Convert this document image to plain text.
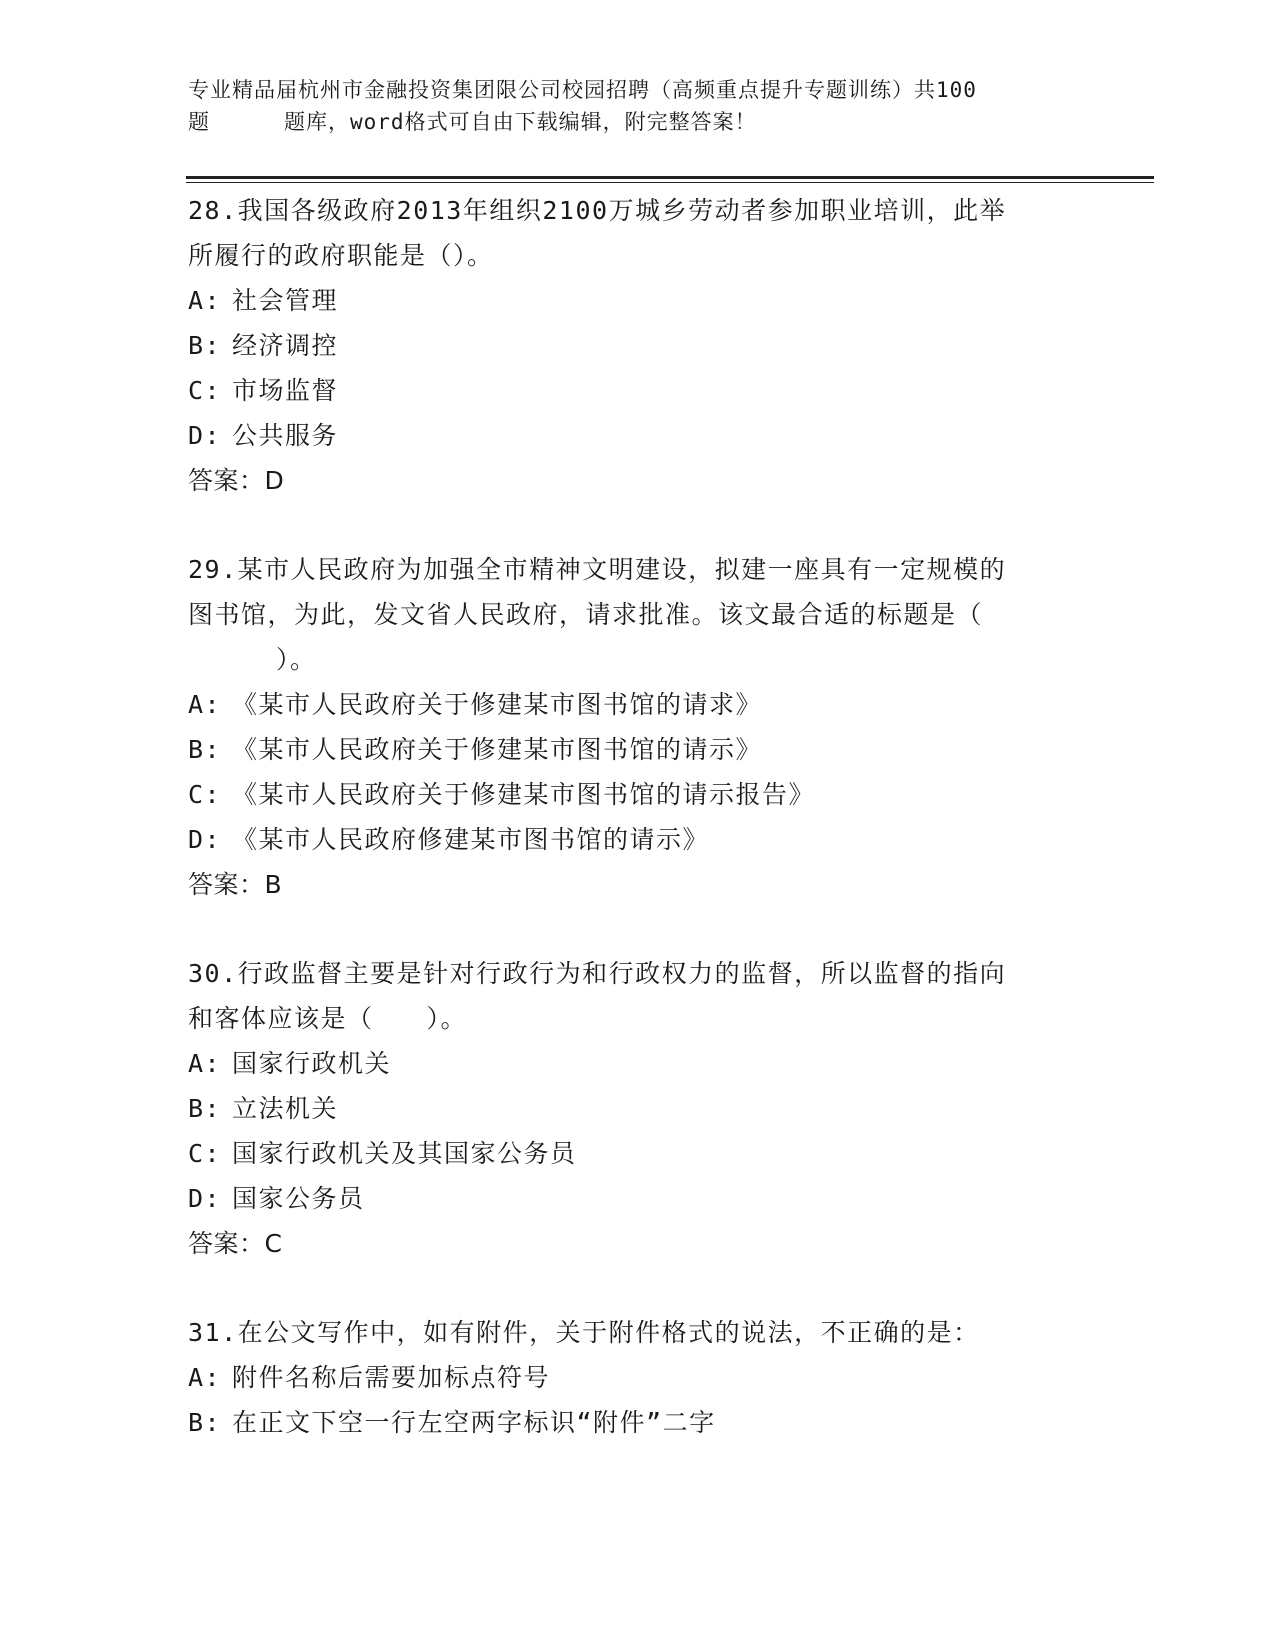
专业精品届杭州市金融投资集团限公司校园招聘（高频重点提升专题训练）共100
题	题库，word格式可自由下载编辑，附完整答案！

28.我国各级政府2013年组织2100万城乡劳动者参加职业培训，此举
所履行的政府职能是（）。

A: 社会管理

B: 经济调控

C: 市场监督

D: 公共服务

答案：D

29.某市人民政府为加强全市精神文明建设，拟建一座具有一定规模的
图书馆，为此，发文省人民政府，请求批准。该文最合适的标题是（
）。

A: 《某市人民政府关于修建某市图书馆的请求》

B: 《某市人民政府关于修建某市图书馆的请示》

C: 《某市人民政府关于修建某市图书馆的请示报告》

D: 《某市人民政府修建某市图书馆的请示》

答案：B

30.行政监督主要是针对行政行为和行政权力的监督，所以监督的指向
和客体应该是（　　）。

A: 国家行政机关

B: 立法机关

C: 国家行政机关及其国家公务员

D: 国家公务员

答案：C

31.在公文写作中，如有附件，关于附件格式的说法，不正确的是：

A: 附件名称后需要加标点符号

B: 在正文下空一行左空两字标识“附件”二字
